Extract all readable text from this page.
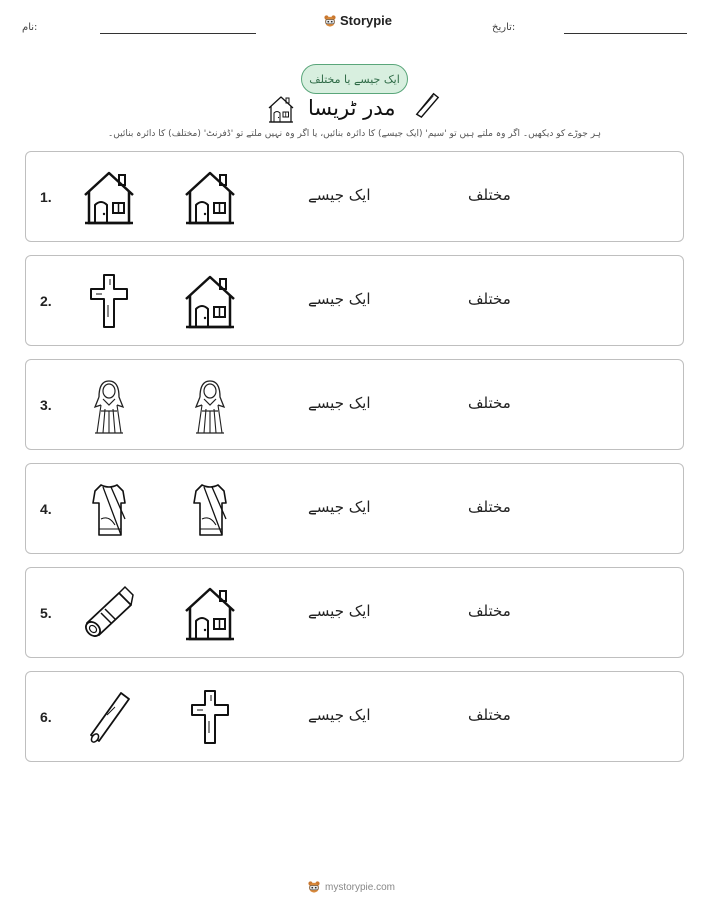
نام:	Storypie	تاریخ:
ایک جیسے یا مختلف
مدر ٹریسا
ہر جوڑے کو دیکھیں۔ اگر وہ ملتے ہیں تو 'سیم' (ایک جیسے) کا دائرہ بنائیں، یا اگر وہ نہیں ملتے تو 'ڈفرنٹ' (مختلف) کا دائرہ بنائیں۔
1.	ایک جیسے	مختلف
2.	ایک جیسے	مختلف
3.	ایک جیسے	مختلف
4.	ایک جیسے	مختلف
5.	ایک جیسے	مختلف
6.	ایک جیسے	مختلف
mystorypie.com
